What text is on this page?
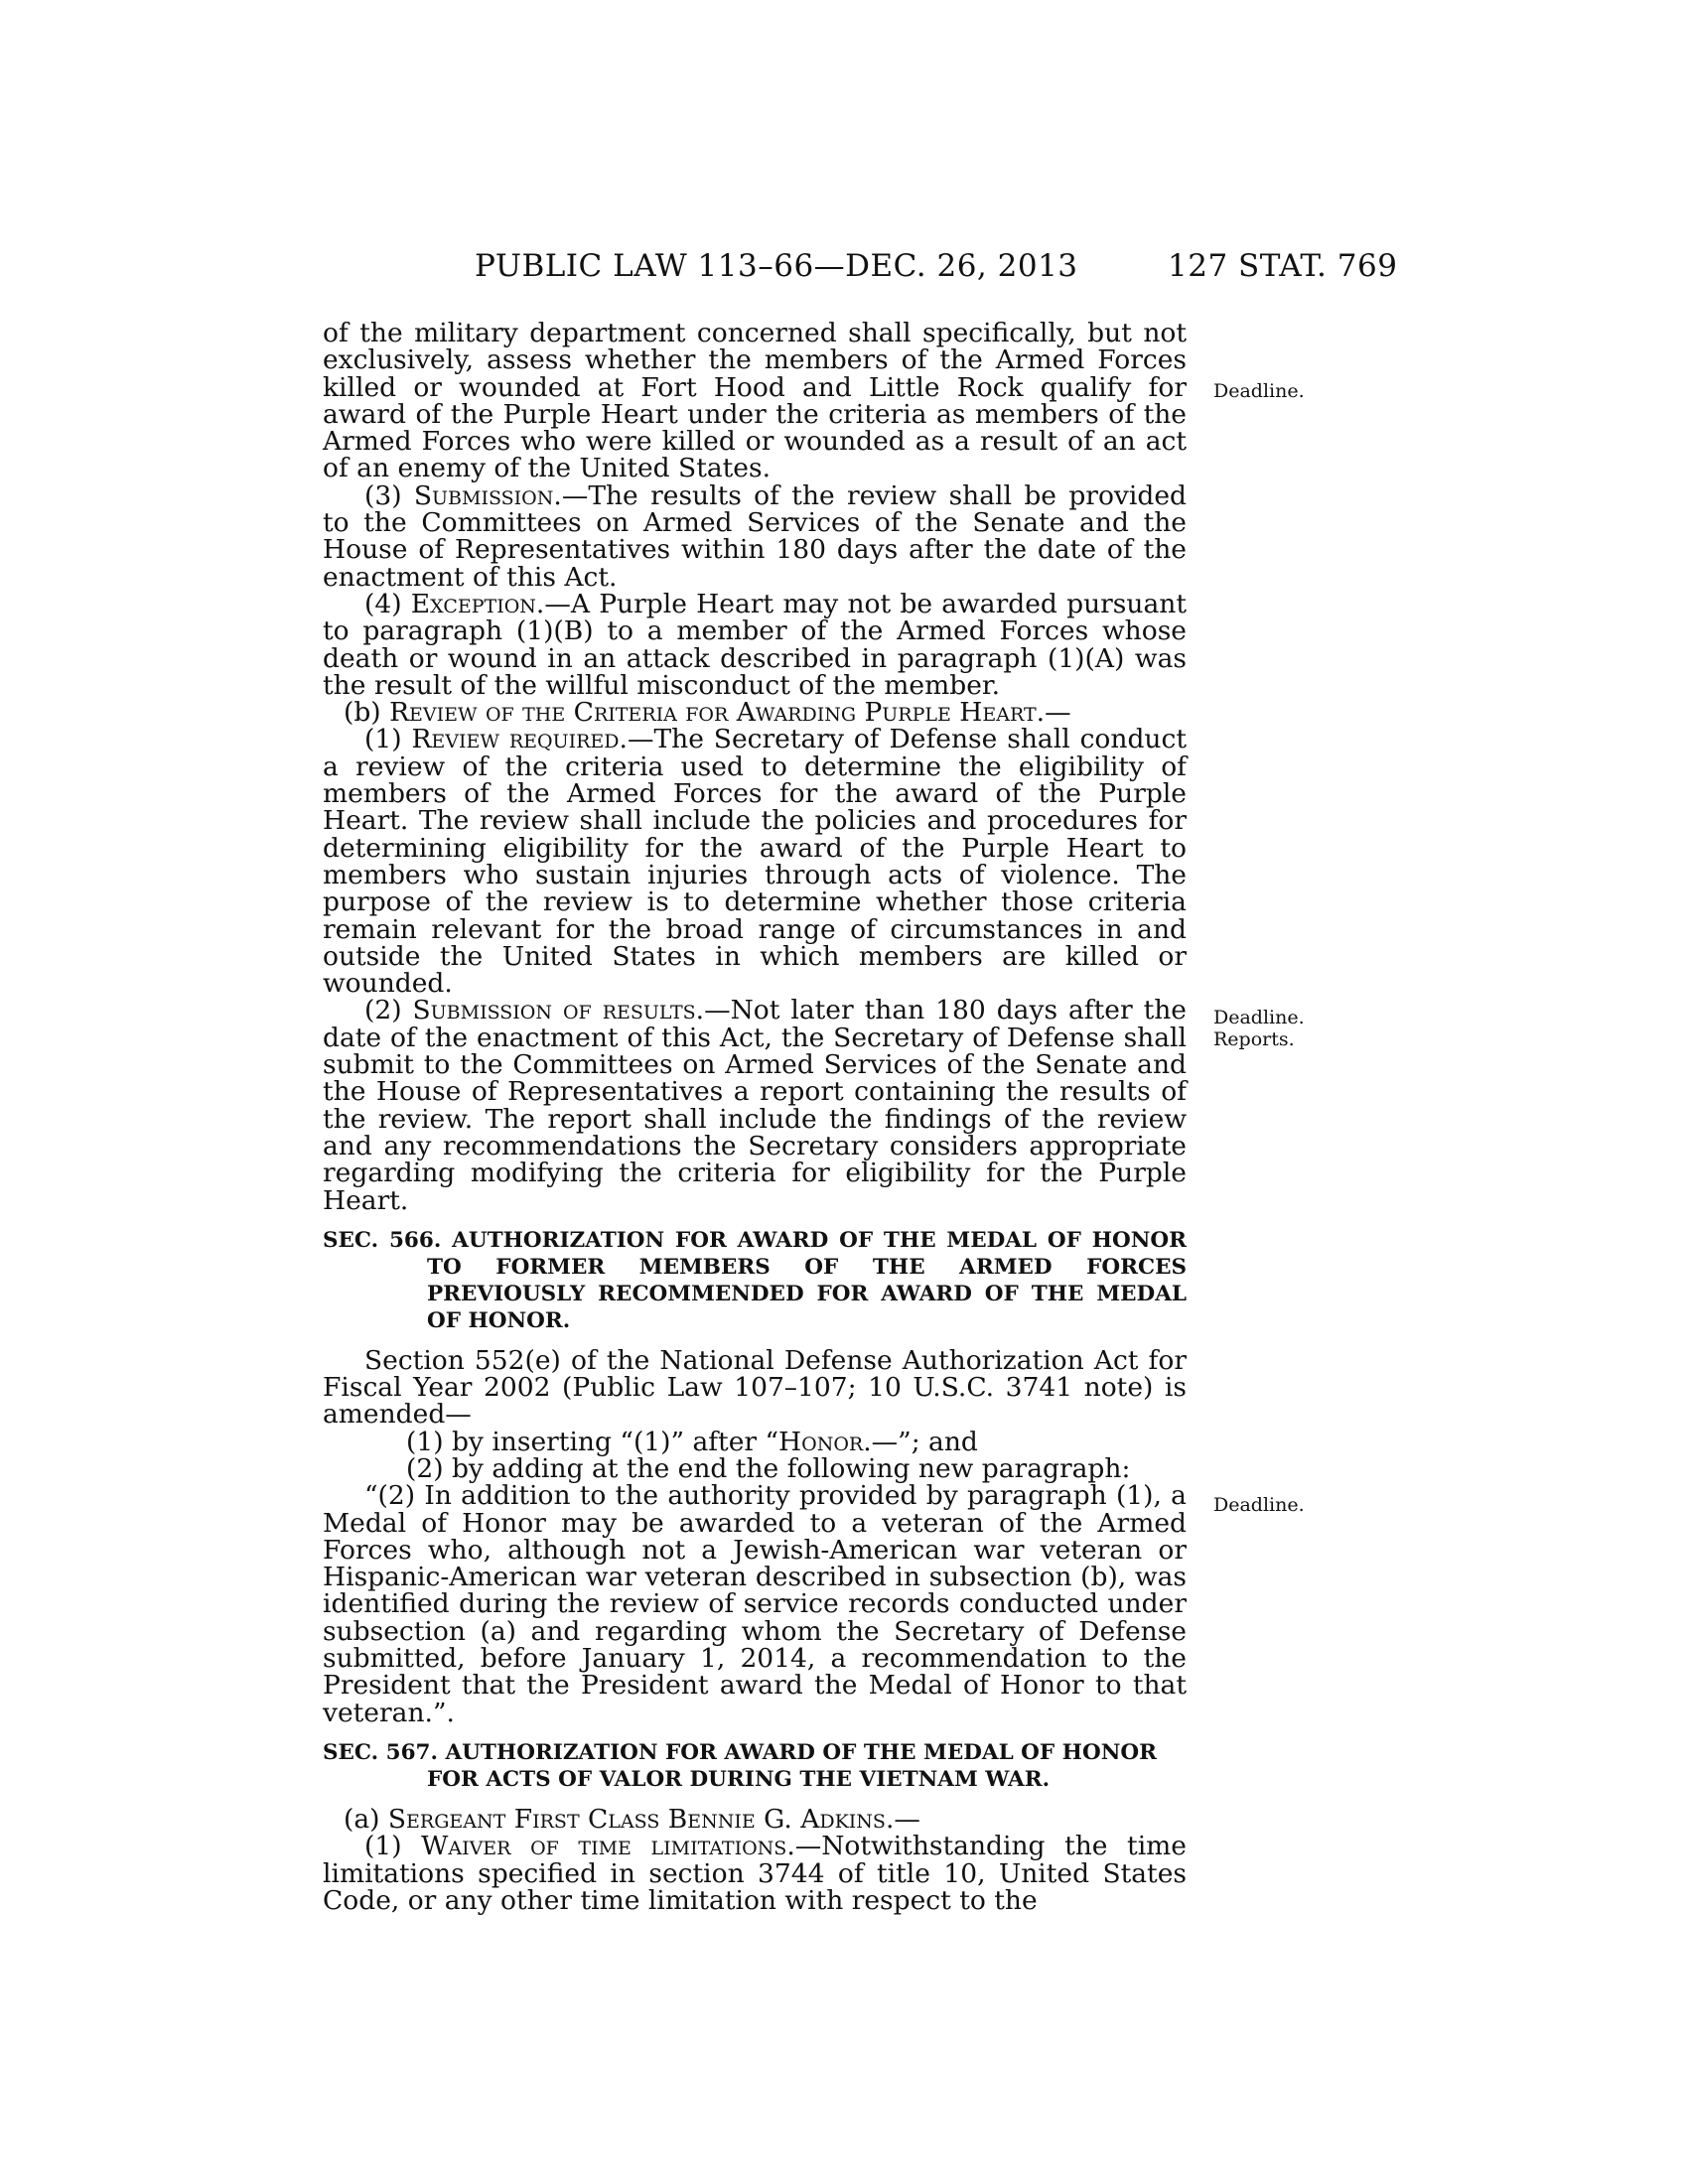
PUBLIC LAW 113–66—DEC. 26, 2013	127 STAT. 769
Deadline.
Deadline.
Reports.
Deadline.

of the military department concerned shall specifically, but not exclusively, assess whether the members of the Armed Forces killed or wounded at Fort Hood and Little Rock qualify for award of the Purple Heart under the criteria as members of the Armed Forces who were killed or wounded as a result of an act of an enemy of the United States.

(3) Submission.—The results of the review shall be provided to the Committees on Armed Services of the Senate and the House of Representatives within 180 days after the date of the enactment of this Act.

(4) Exception.—A Purple Heart may not be awarded pursuant to paragraph (1)(B) to a member of the Armed Forces whose death or wound in an attack described in paragraph (1)(A) was the result of the willful misconduct of the member.

(b) Review of the Criteria for Awarding Purple Heart.—

(1) Review required.—The Secretary of Defense shall conduct a review of the criteria used to determine the eligibility of members of the Armed Forces for the award of the Purple Heart. The review shall include the policies and procedures for determining eligibility for the award of the Purple Heart to members who sustain injuries through acts of violence. The purpose of the review is to determine whether those criteria remain relevant for the broad range of circumstances in and outside the United States in which members are killed or wounded.

(2) Submission of results.—Not later than 180 days after the date of the enactment of this Act, the Secretary of Defense shall submit to the Committees on Armed Services of the Senate and the House of Representatives a report containing the results of the review. The report shall include the findings of the review and any recommendations the Secretary considers appropriate regarding modifying the criteria for eligibility for the Purple Heart.

SEC. 566. AUTHORIZATION FOR AWARD OF THE MEDAL OF HONOR TO FORMER MEMBERS OF THE ARMED FORCES PREVIOUSLY RECOMMENDED FOR AWARD OF THE MEDAL OF HONOR.

Section 552(e) of the National Defense Authorization Act for Fiscal Year 2002 (Public Law 107–107; 10 U.S.C. 3741 note) is amended—

(1) by inserting “(1)” after “Honor.—”; and

(2) by adding at the end the following new paragraph:

“(2) In addition to the authority provided by paragraph (1), a Medal of Honor may be awarded to a veteran of the Armed Forces who, although not a Jewish-American war veteran or Hispanic-American war veteran described in subsection (b), was identified during the review of service records conducted under subsection (a) and regarding whom the Secretary of Defense submitted, before January 1, 2014, a recommendation to the President that the President award the Medal of Honor to that veteran.”.

SEC. 567. AUTHORIZATION FOR AWARD OF THE MEDAL OF HONOR FOR ACTS OF VALOR DURING THE VIETNAM WAR.

(a) Sergeant First Class Bennie G. Adkins.—

(1) Waiver of time limitations.—Notwithstanding the time limitations specified in section 3744 of title 10, United States Code, or any other time limitation with respect to the
